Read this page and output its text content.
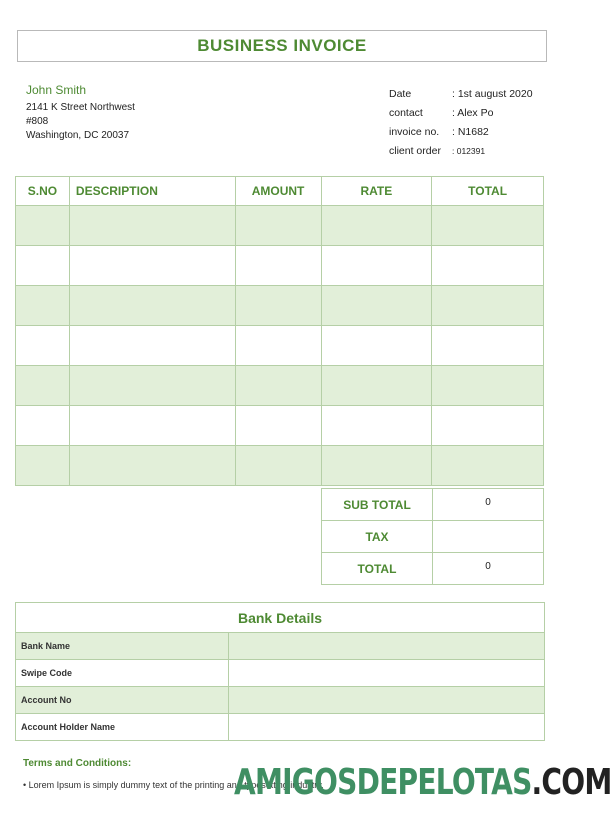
BUSINESS INVOICE
John Smith
2141 K Street Northwest
#808
Washington, DC 20037
Date	: 1st august 2020
contact	: Alex Po
invoice no.	: N1682
client order	: 012391
S.NO	DESCRIPTION	AMOUNT	RATE	TOTAL

SUB TOTAL	0
TAX	
TOTAL	0
Bank Details	
Bank Name	
Swipe Code	
Account No	
Account Holder Name	
Terms and Conditions:
• Lorem Ipsum is simply dummy text of the printing and typesetting industry.
AMIGOSDEPELOTAS.COM
